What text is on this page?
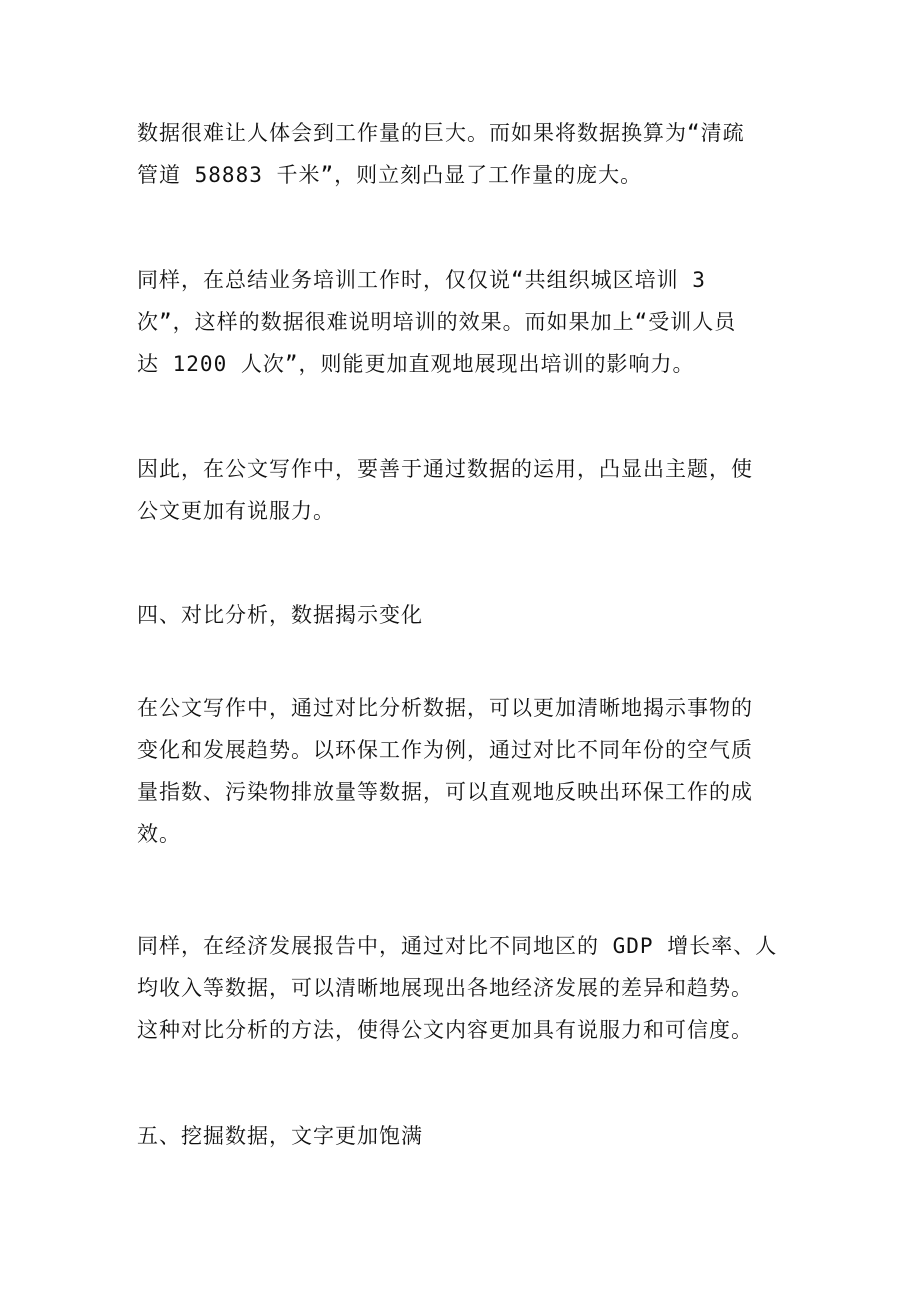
数据很难让人体会到工作量的巨大。而如果将数据换算为“清疏
管道 58883 千米”，则立刻凸显了工作量的庞大。

同样，在总结业务培训工作时，仅仅说“共组织城区培训 3
次”，这样的数据很难说明培训的效果。而如果加上“受训人员
达 1200 人次”，则能更加直观地展现出培训的影响力。

因此，在公文写作中，要善于通过数据的运用，凸显出主题，使
公文更加有说服力。

四、对比分析，数据揭示变化

在公文写作中，通过对比分析数据，可以更加清晰地揭示事物的
变化和发展趋势。以环保工作为例，通过对比不同年份的空气质
量指数、污染物排放量等数据，可以直观地反映出环保工作的成
效。

同样，在经济发展报告中，通过对比不同地区的 GDP 增长率、人
均收入等数据，可以清晰地展现出各地经济发展的差异和趋势。
这种对比分析的方法，使得公文内容更加具有说服力和可信度。

五、挖掘数据，文字更加饱满
